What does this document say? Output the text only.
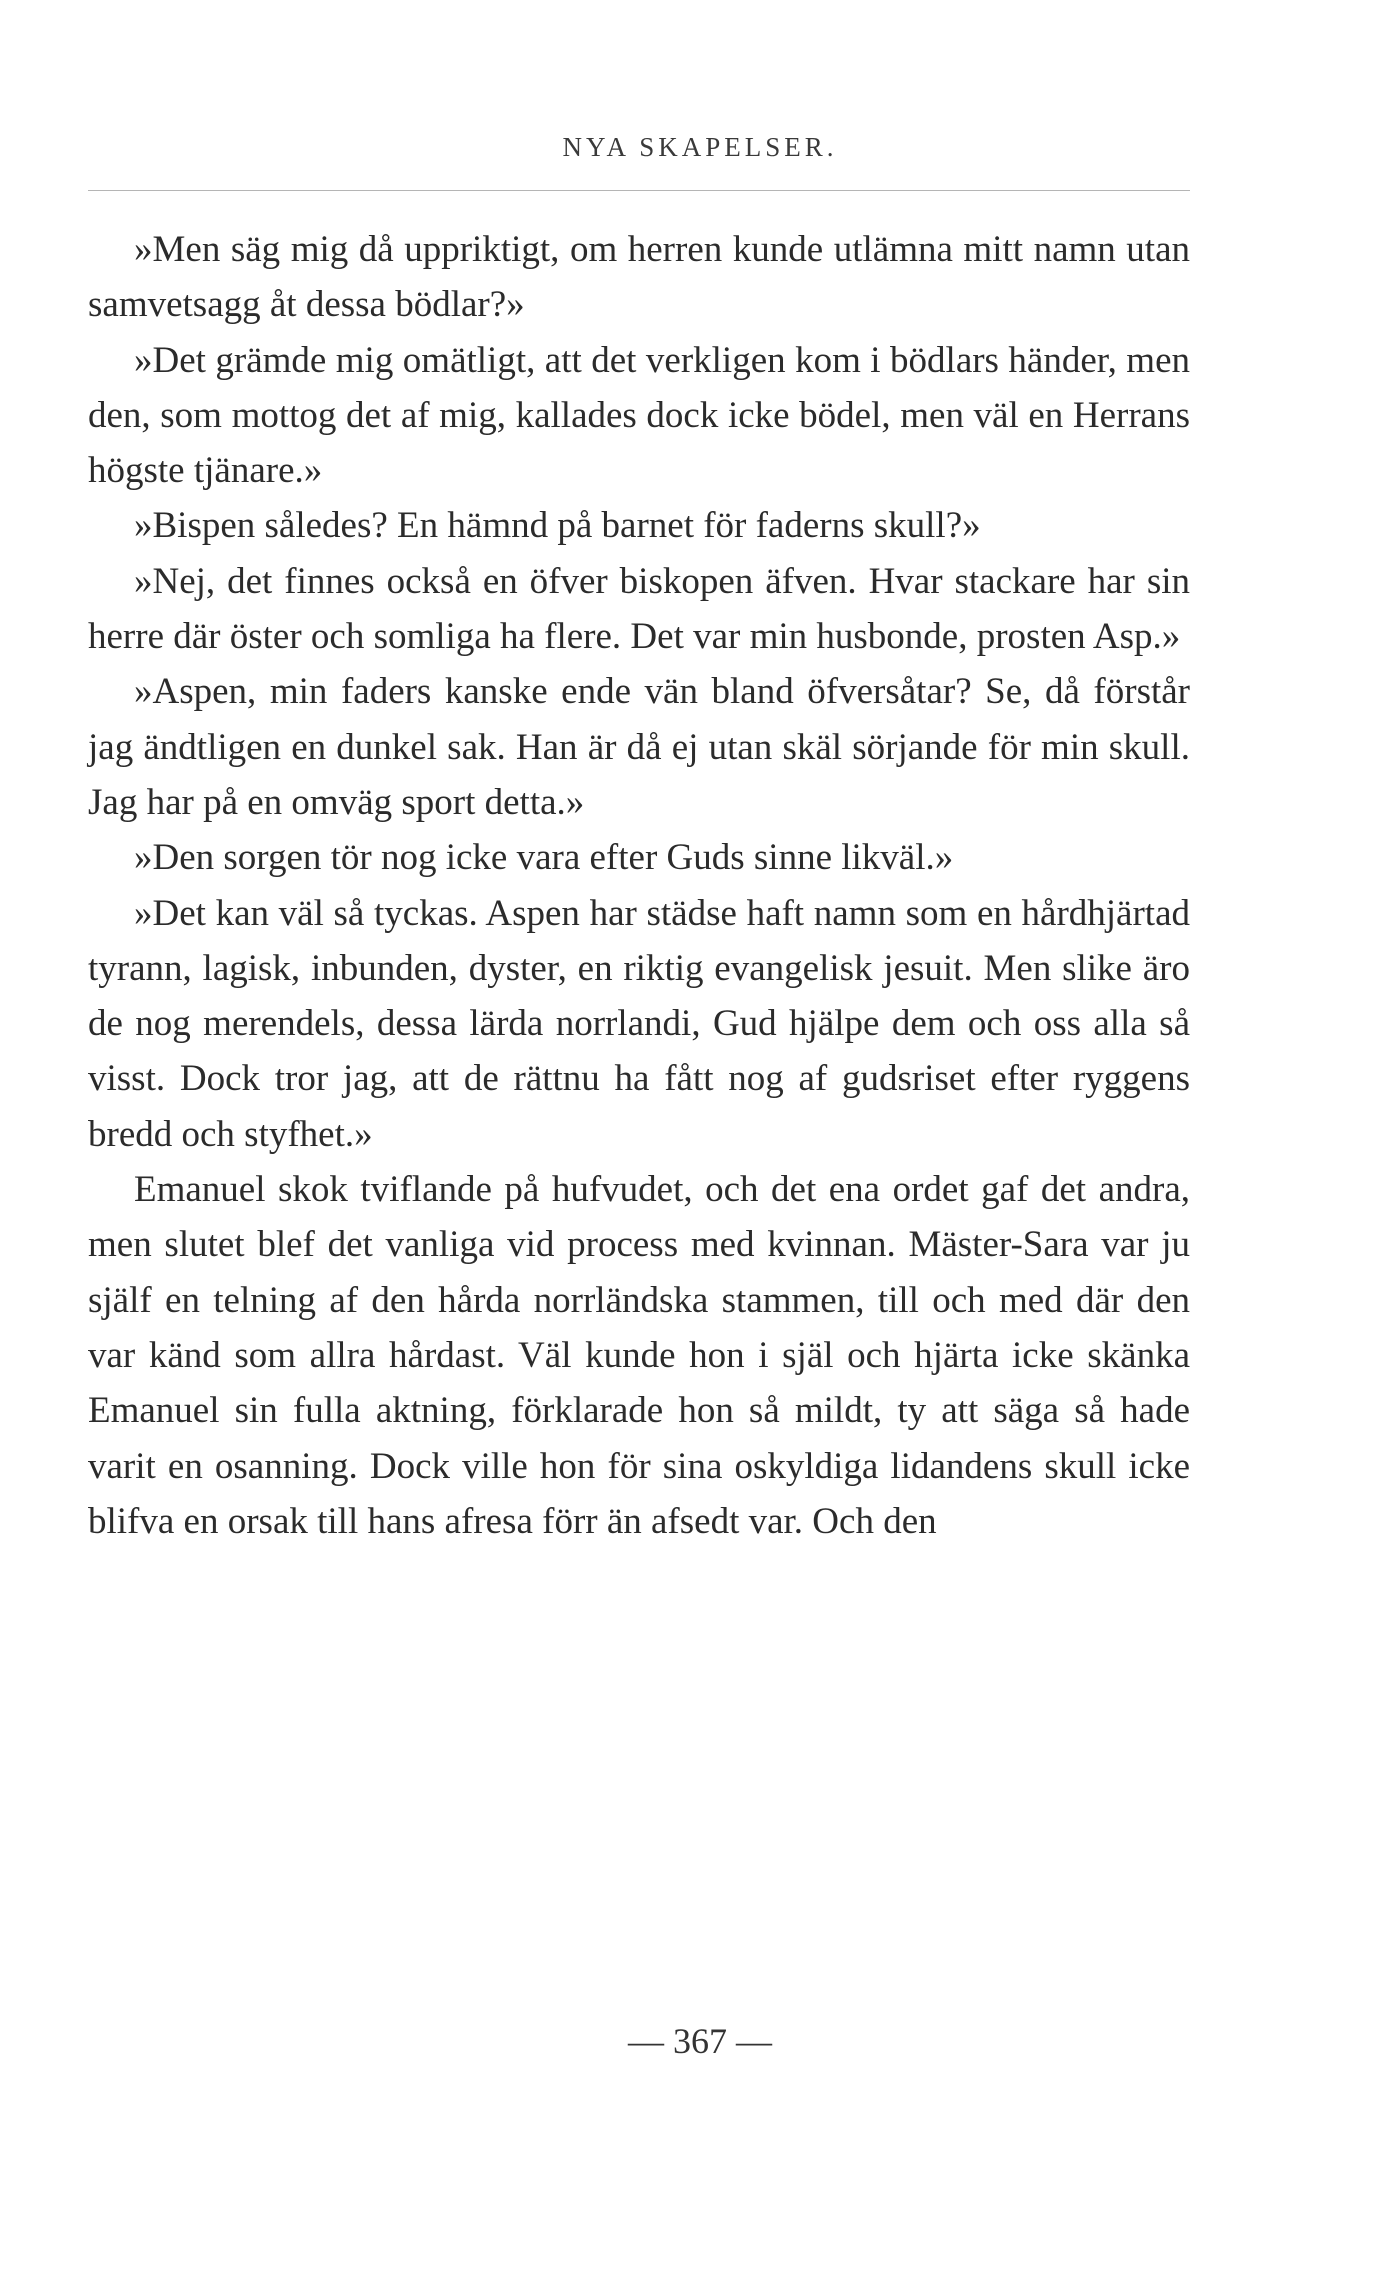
NYA SKAPELSER.

»Men säg mig då uppriktigt, om herren kunde utlämna mitt namn utan samvetsagg åt dessa bödlar?»

»Det grämde mig omätligt, att det verkligen kom i bödlars händer, men den, som mottog det af mig, kallades dock icke bödel, men väl en Herrans högste tjänare.»

»Bispen således? En hämnd på barnet för faderns skull?»

»Nej, det finnes också en öfver biskopen äfven. Hvar stackare har sin herre där öster och somliga ha flere. Det var min husbonde, prosten Asp.»

»Aspen, min faders kanske ende vän bland öfversåtar? Se, då förstår jag ändtligen en dunkel sak. Han är då ej utan skäl sörjande för min skull. Jag har på en omväg sport detta.»

»Den sorgen tör nog icke vara efter Guds sinne likväl.»

»Det kan väl så tyckas. Aspen har städse haft namn som en hårdhjärtad tyrann, lagisk, inbunden, dyster, en riktig evangelisk jesuit. Men slike äro de nog merendels, dessa lärda norrlandi, Gud hjälpe dem och oss alla så visst. Dock tror jag, att de rättnu ha fått nog af gudsriset efter ryggens bredd och styfhet.»

Emanuel skok tviflande på hufvudet, och det ena ordet gaf det andra, men slutet blef det vanliga vid process med kvinnan. Mäster-Sara var ju själf en telning af den hårda norrländska stammen, till och med där den var känd som allra hårdast. Väl kunde hon i själ och hjärta icke skänka Emanuel sin fulla aktning, förklarade hon så mildt, ty att säga så hade varit en osanning. Dock ville hon för sina oskyldiga lidandens skull icke blifva en orsak till hans afresa förr än afsedt var. Och den

— 367 —
